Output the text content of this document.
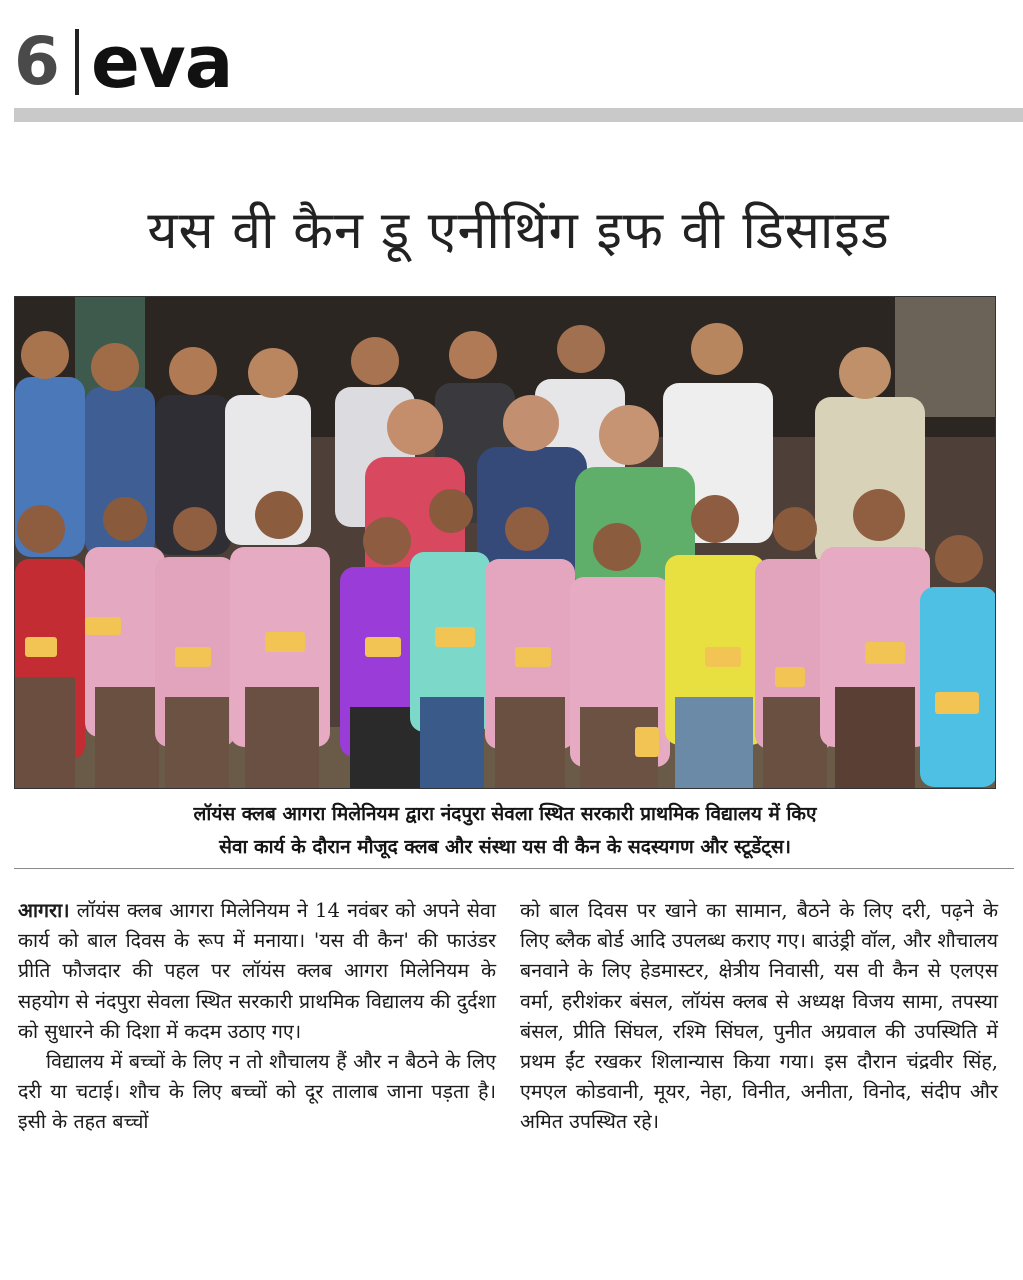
6 eva
यस वी कैन डू एनीथिंग इफ वी डिसाइड
लॉयंस क्लब आगरा मिलेनियम द्वारा नंदपुरा सेवला स्थित सरकारी प्राथमिक विद्यालय में किए
सेवा कार्य के दौरान मौजूद क्लब और संस्था यस वी कैन के सदस्यगण और स्टूडेंट्स।

आगरा। लॉयंस क्लब आगरा मिलेनियम ने 14 नवंबर को अपने सेवा कार्य को बाल दिवस के रूप में मनाया। 'यस वी कैन' की फाउंडर प्रीति फौजदार की पहल पर लॉयंस क्लब आगरा मिलेनियम के सहयोग से नंदपुरा सेवला स्थित सरकारी प्राथमिक विद्यालय की दुर्दशा को सुधारने की दिशा में कदम उठाए गए।

विद्यालय में बच्चों के लिए न तो शौचालय हैं और न बैठने के लिए दरी या चटाई। शौच के लिए बच्चों को दूर तालाब जाना पड़ता है। इसी के तहत बच्चों

को बाल दिवस पर खाने का सामान, बैठने के लिए दरी, पढ़ने के लिए ब्लैक बोर्ड आदि उपलब्ध कराए गए। बाउंड्री वॉल, और शौचालय बनवाने के लिए हेडमास्टर, क्षेत्रीय निवासी, यस वी कैन से एलएस वर्मा, हरीशंकर बंसल, लॉयंस क्लब से अध्यक्ष विजय सामा, तपस्या बंसल, प्रीति सिंघल, रश्मि सिंघल, पुनीत अग्रवाल की उपस्थिति में प्रथम ईंट रखकर शिलान्यास किया गया। इस दौरान चंद्रवीर सिंह, एमएल कोडवानी, मूयर, नेहा, विनीत, अनीता, विनोद, संदीप और अमित उपस्थित रहे।
